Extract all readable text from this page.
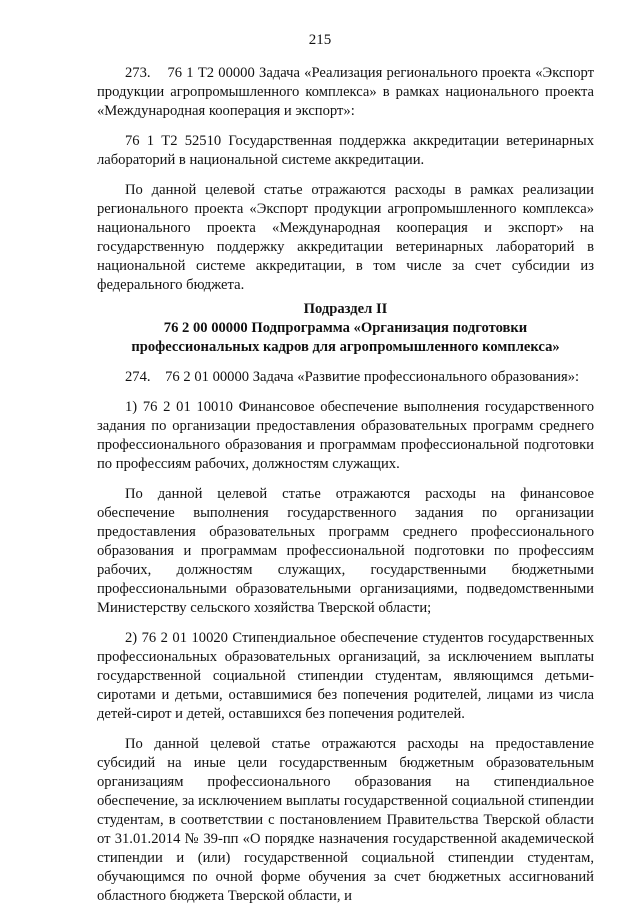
215

273.    76 1 Т2 00000 Задача «Реализация регионального проекта «Экспорт продукции агропромышленного комплекса» в рамках национального проекта «Международная кооперация и экспорт»:

76 1 Т2 52510 Государственная поддержка аккредитации ветеринарных лабораторий в национальной системе аккредитации.

По данной целевой статье отражаются расходы в рамках реализации регионального проекта «Экспорт продукции агропромышленного комплекса» национального проекта «Международная кооперация и экспорт» на государственную поддержку аккредитации ветеринарных лабораторий в национальной системе аккредитации, в том числе за счет субсидии из федерального бюджета.

Подраздел II

76 2 00 00000 Подпрограмма «Организация подготовки

профессиональных кадров для агропромышленного комплекса»

274.    76 2 01 00000 Задача «Развитие профессионального образования»:

1) 76 2 01 10010 Финансовое обеспечение выполнения государственного задания по организации предоставления образовательных программ среднего профессионального образования и программам профессиональной подготовки по профессиям рабочих, должностям служащих.

По данной целевой статье отражаются расходы на финансовое обеспечение выполнения государственного задания по организации предоставления образовательных программ среднего профессионального образования и программам профессиональной подготовки по профессиям рабочих, должностям служащих, государственными бюджетными профессиональными образовательными организациями, подведомственными Министерству сельского хозяйства Тверской области;

2) 76 2 01 10020 Стипендиальное обеспечение студентов государственных профессиональных образовательных организаций, за исключением выплаты государственной социальной стипендии студентам, являющимся детьми-сиротами и детьми, оставшимися без попечения родителей, лицами из числа детей-сирот и детей, оставшихся без попечения родителей.

По данной целевой статье отражаются расходы на предоставление субсидий на иные цели государственным бюджетным образовательным организациям профессионального образования на стипендиальное обеспечение, за исключением выплаты государственной социальной стипендии студентам, в соответствии с постановлением Правительства Тверской области от 31.01.2014 № 39-пп «О порядке назначения государственной академической стипендии и (или) государственной социальной стипендии студентам, обучающимся по очной форме обучения за счет бюджетных ассигнований областного бюджета Тверской области, и
